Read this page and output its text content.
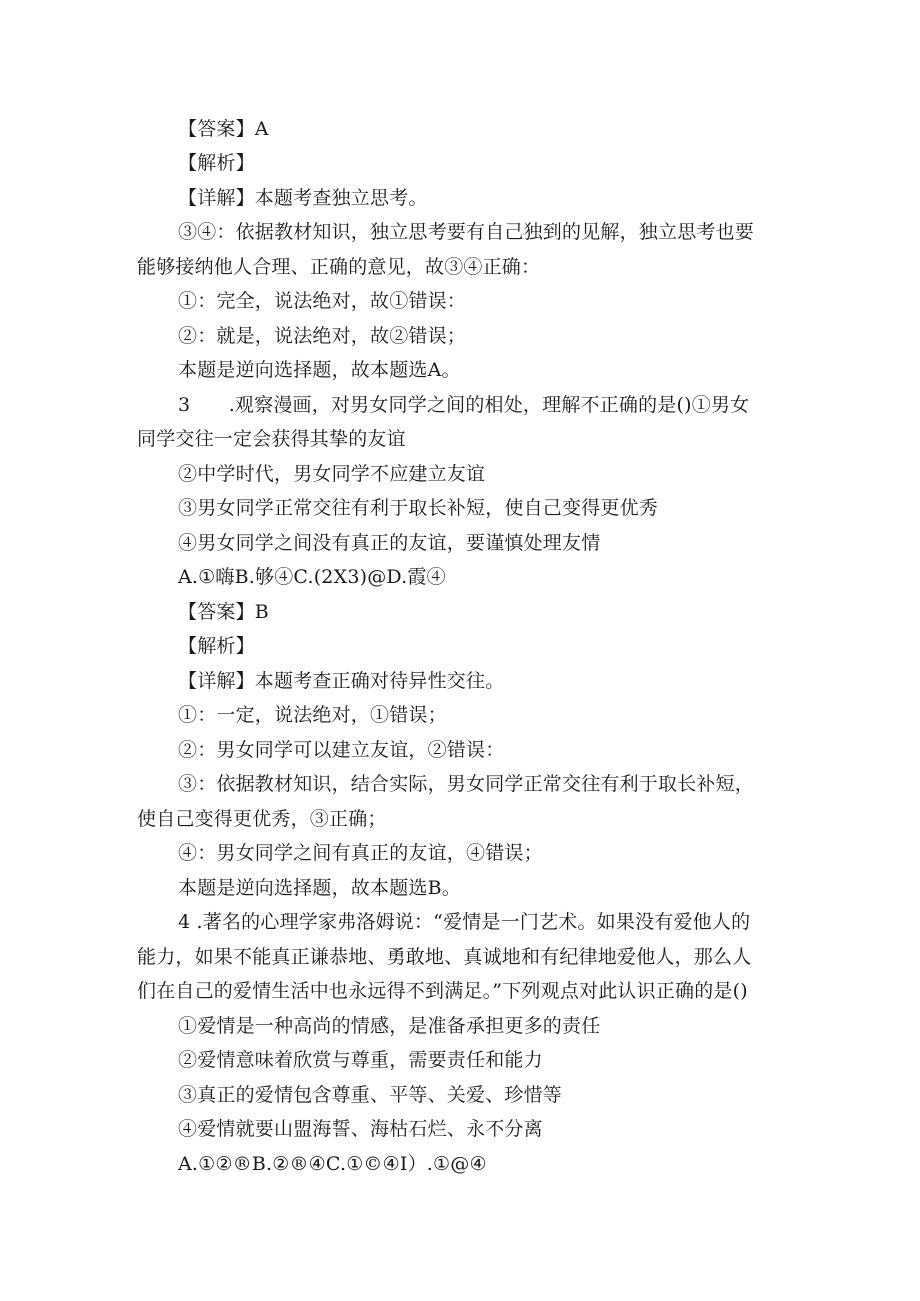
【答案】A
【解析】
【详解】本题考查独立思考。
③④：依据教材知识，独立思考要有自己独到的见解，独立思考也要
能够接纳他人合理、正确的意见，故③④正确：
①：完全，说法绝对，故①错误：
②：就是，说法绝对，故②错误；
本题是逆向选择题，故本题选A。
3　　.观察漫画，对男女同学之间的相处，理解不正确的是()①男女
同学交往一定会获得其挚的友谊
②中学时代，男女同学不应建立友谊
③男女同学正常交往有利于取长补短，使自己变得更优秀
④男女同学之间没有真正的友谊，要谨慎处理友情
A.①嗨B.够④C.(2X3)@D.霞④
【答案】B
【解析】
【详解】本题考查正确对待异性交往。
①：一定，说法绝对，①错误；
②：男女同学可以建立友谊，②错误：
③：依据教材知识，结合实际，男女同学正常交往有利于取长补短，
使自己变得更优秀，③正确；
④：男女同学之间有真正的友谊，④错误；
本题是逆向选择题，故本题选B。
4 .著名的心理学家弗洛姆说：“爱情是一门艺术。如果没有爱他人的
能力，如果不能真正谦恭地、勇敢地、真诚地和有纪律地爱他人，那么人
们在自己的爱情生活中也永远得不到满足。”下列观点对此认识正确的是()
①爱情是一种高尚的情感，是准备承担更多的责任
②爱情意味着欣赏与尊重，需要责任和能力
③真正的爱情包含尊重、平等、关爱、珍惜等
④爱情就要山盟海誓、海枯石烂、永不分离
A.①②®B.②®④C.①©④I）.①@④
